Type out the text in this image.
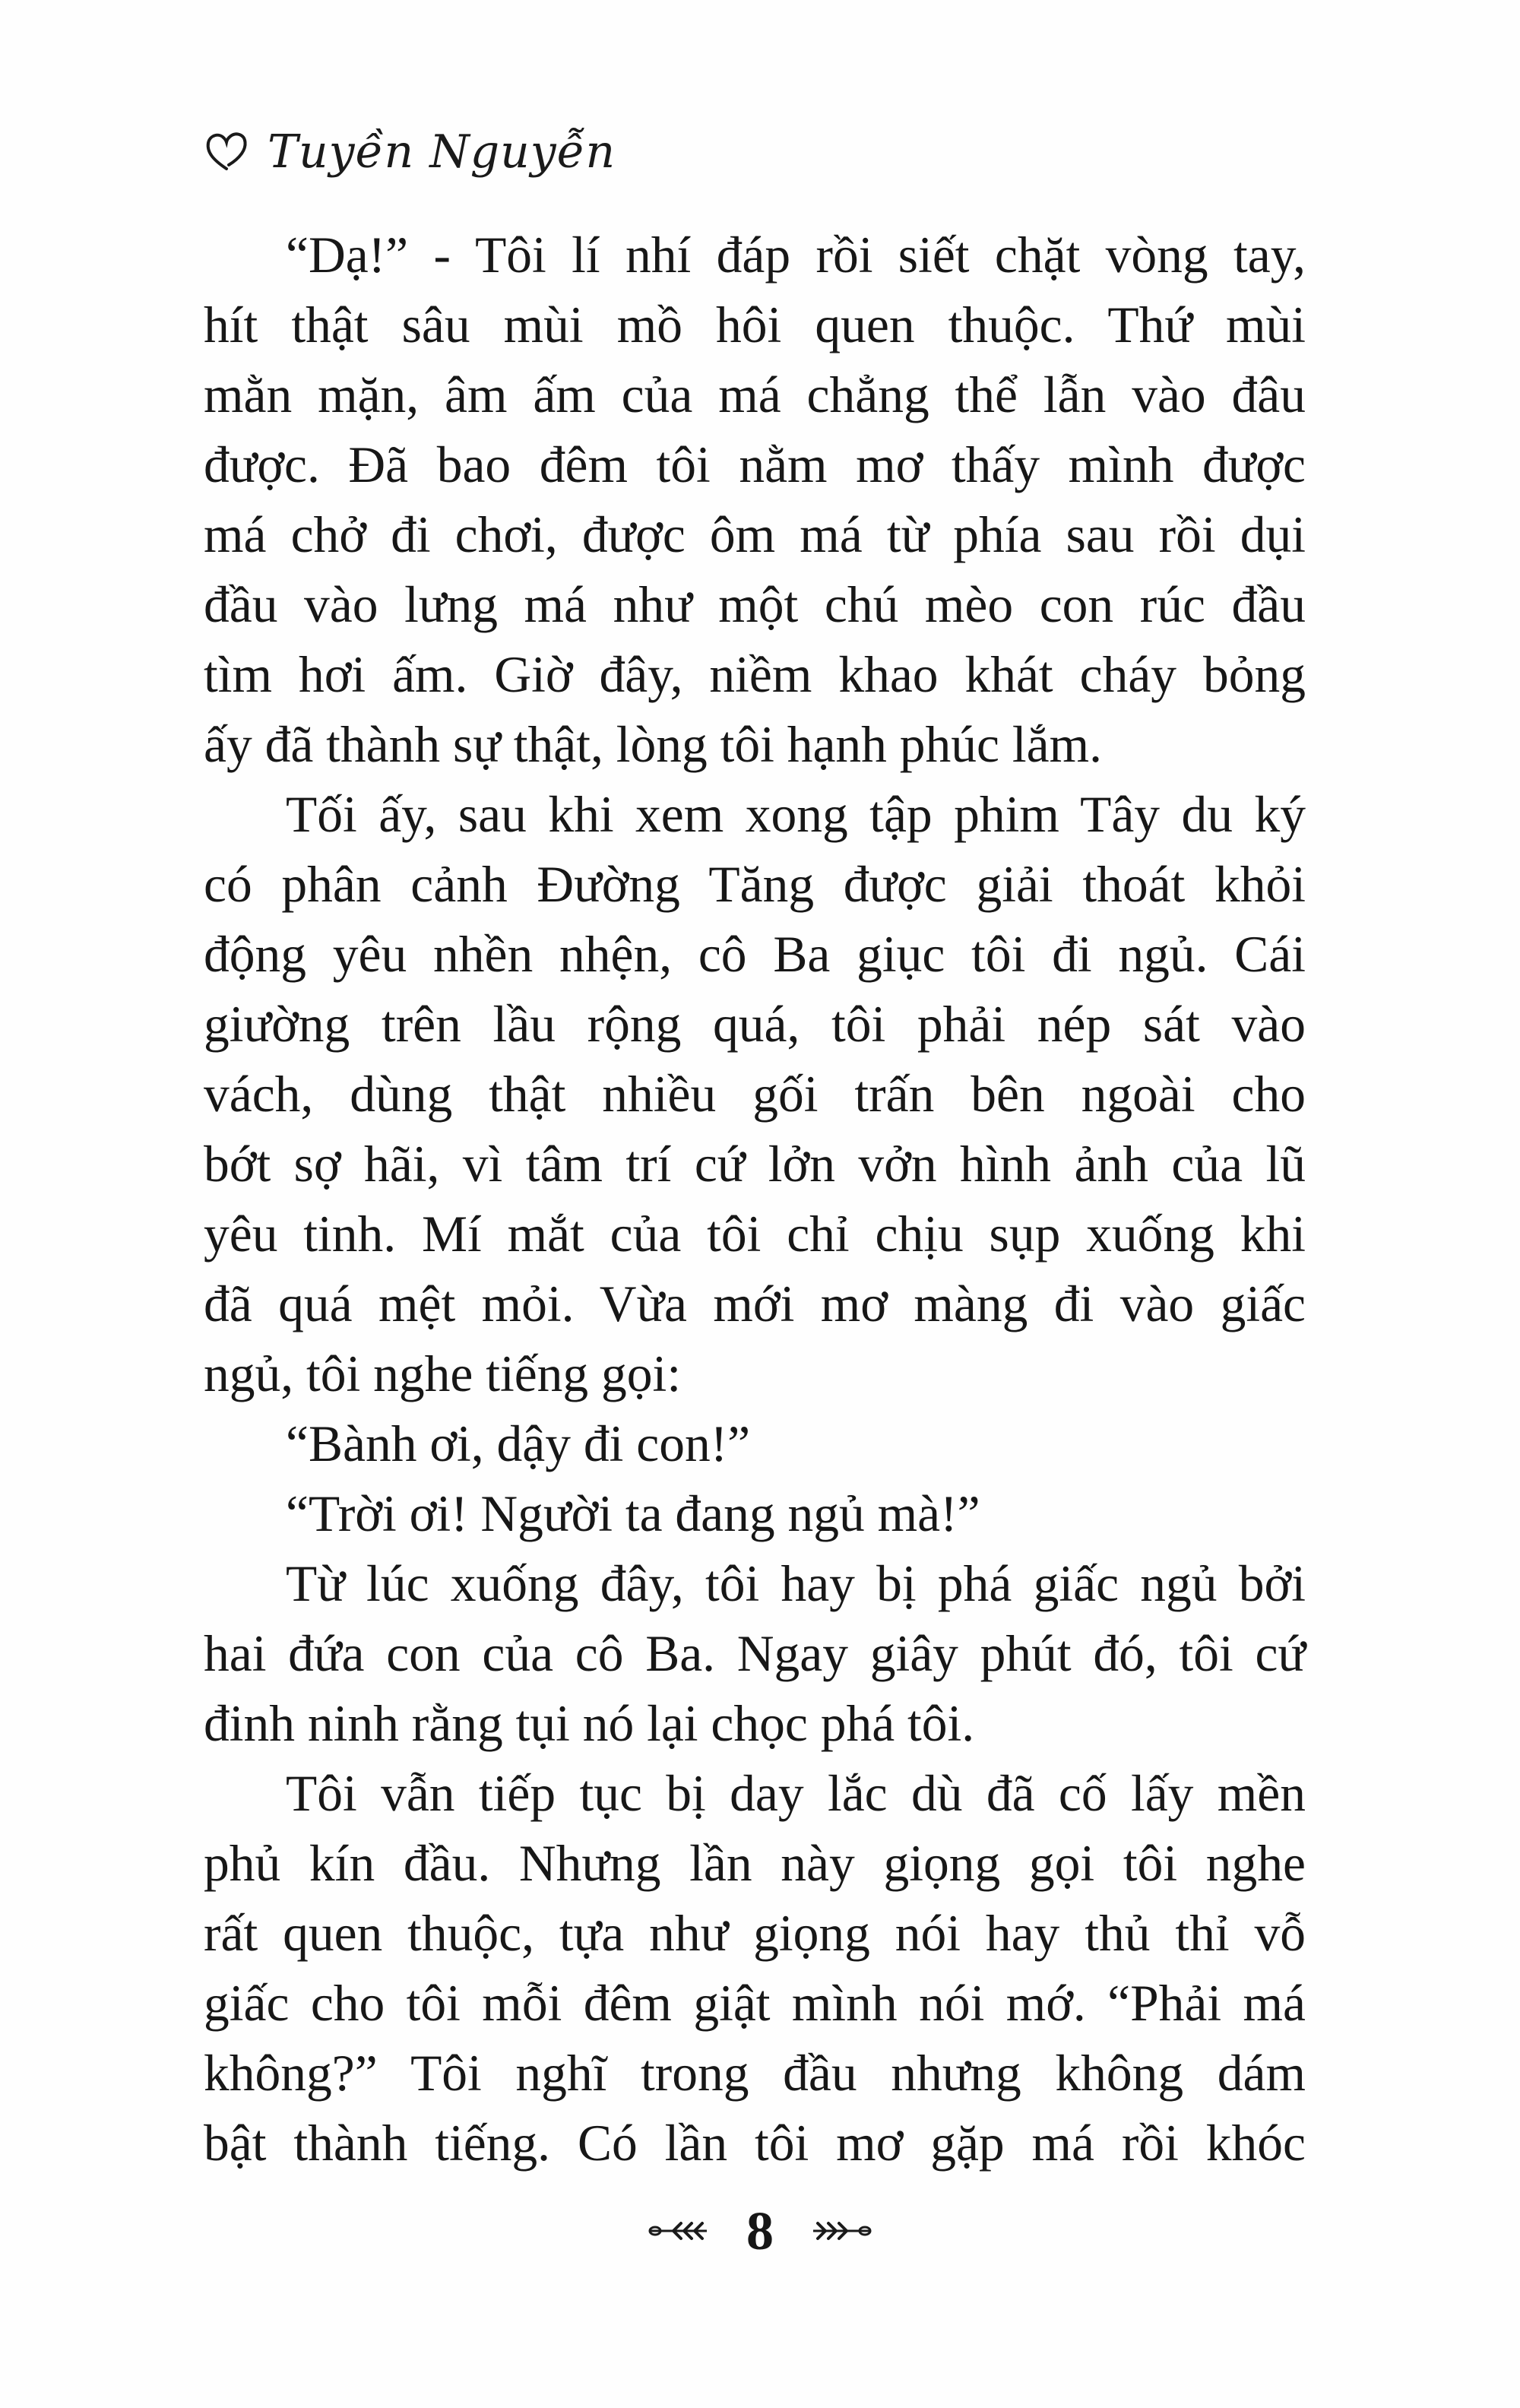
Tuyền Nguyễn
“Dạ!” - Tôi lí nhí đáp rồi siết chặt vòng tay,
hít thật sâu mùi mồ hôi quen thuộc. Thứ mùi
mằn mặn, âm ấm của má chẳng thể lẫn vào đâu
được. Đã bao đêm tôi nằm mơ thấy mình được
má chở đi chơi, được ôm má từ phía sau rồi dụi
đầu vào lưng má như một chú mèo con rúc đầu
tìm hơi ấm. Giờ đây, niềm khao khát cháy bỏng
ấy đã thành sự thật, lòng tôi hạnh phúc lắm.
Tối ấy, sau khi xem xong tập phim Tây du ký
có phân cảnh Đường Tăng được giải thoát khỏi
động yêu nhền nhện, cô Ba giục tôi đi ngủ. Cái
giường trên lầu rộng quá, tôi phải nép sát vào
vách, dùng thật nhiều gối trấn bên ngoài cho
bớt sợ hãi, vì tâm trí cứ lởn vởn hình ảnh của lũ
yêu tinh. Mí mắt của tôi chỉ chịu sụp xuống khi
đã quá mệt mỏi. Vừa mới mơ màng đi vào giấc
ngủ, tôi nghe tiếng gọi:
“Bành ơi, dậy đi con!”
“Trời ơi! Người ta đang ngủ mà!”
Từ lúc xuống đây, tôi hay bị phá giấc ngủ bởi
hai đứa con của cô Ba. Ngay giây phút đó, tôi cứ
đinh ninh rằng tụi nó lại chọc phá tôi.
Tôi vẫn tiếp tục bị day lắc dù đã cố lấy mền
phủ kín đầu. Nhưng lần này giọng gọi tôi nghe
rất quen thuộc, tựa như giọng nói hay thủ thỉ vỗ
giấc cho tôi mỗi đêm giật mình nói mớ. “Phải má
không?” Tôi nghĩ trong đầu nhưng không dám
bật thành tiếng. Có lần tôi mơ gặp má rồi khóc
8
